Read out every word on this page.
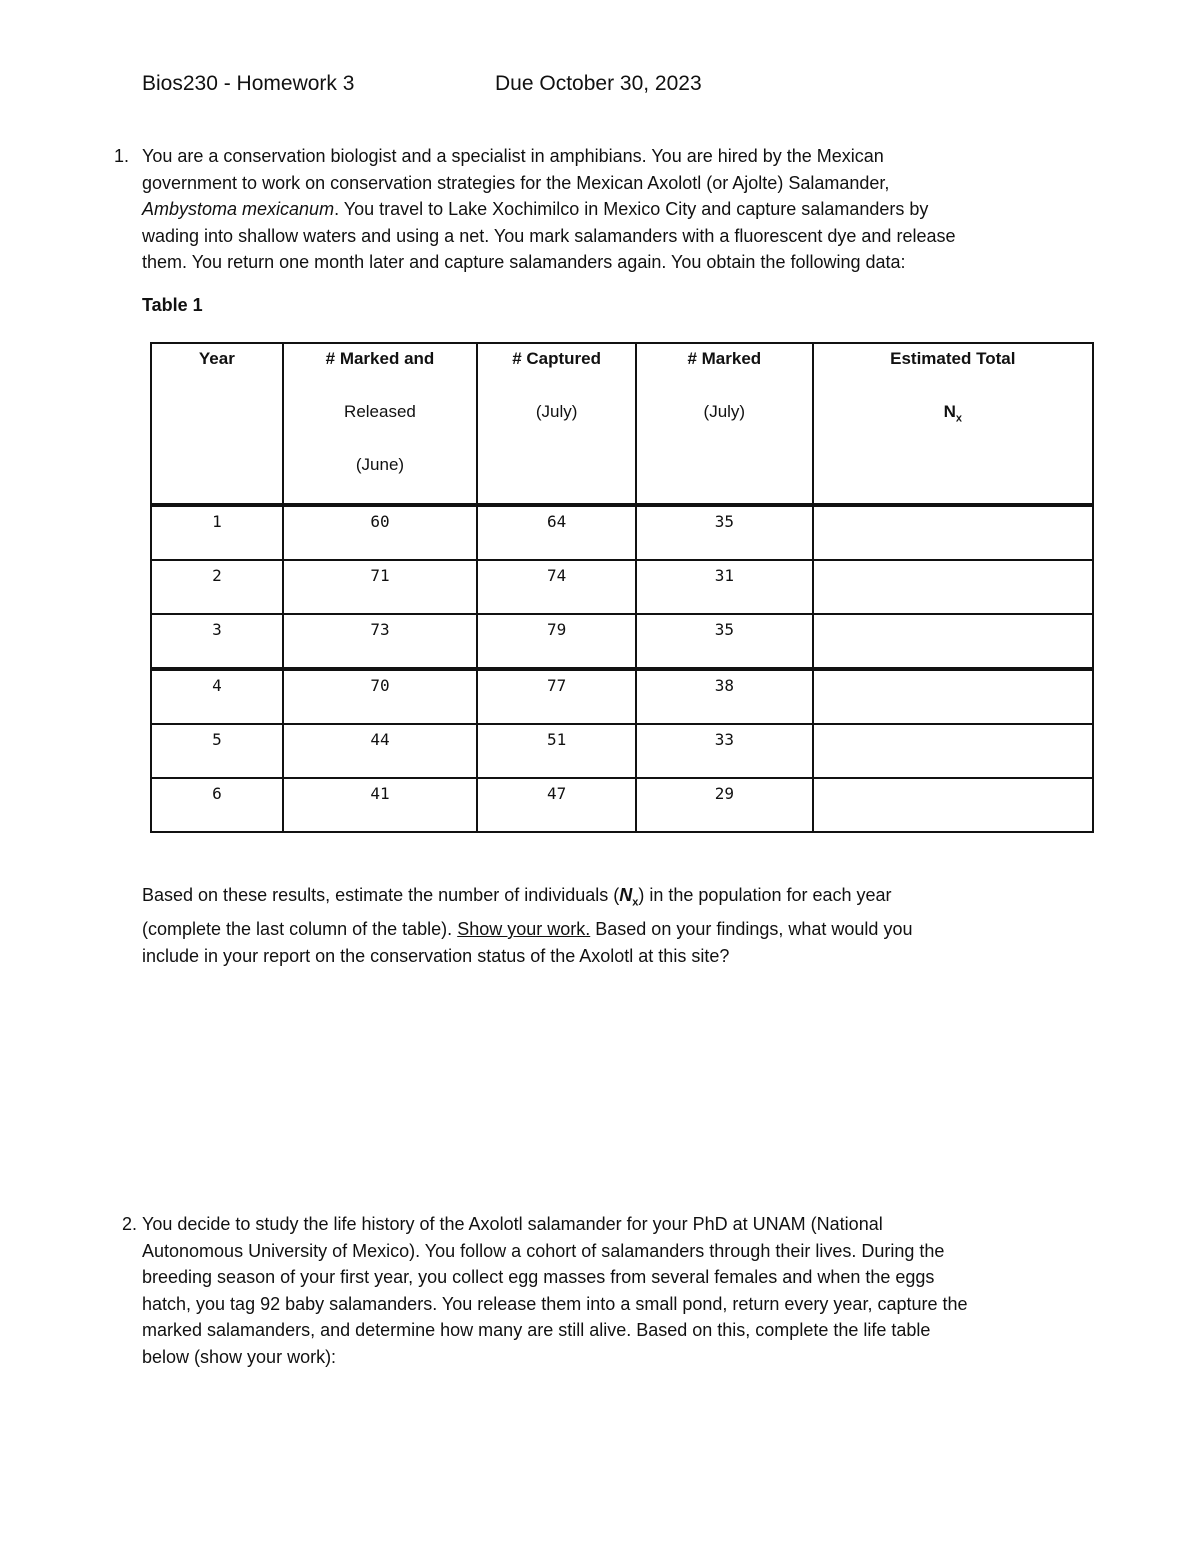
Bios230 - Homework 3	Due October 30, 2023
1. You are a conservation biologist and a specialist in amphibians. You are hired by the Mexican
government to work on conservation strategies for the Mexican Axolotl (or Ajolte) Salamander,
Ambystoma mexicanum. You travel to Lake Xochimilco in Mexico City and capture salamanders by
wading into shallow waters and using a net. You mark salamanders with a fluorescent dye and release
them. You return one month later and capture salamanders again. You obtain the following data:
Table 1
Year	# Marked and
Released
(June)	# Captured
(July)	# Marked
(July)	Estimated Total
$N_x$

1	60	64	35	
2	71	74	31	
3	73	79	35	
4	70	77	38	
5	44	51	33	
6	41	47	29	
Based on these results, estimate the number of individuals $(N_x)$ in the population for each year
(complete the last column of the table). Show your work. Based on your findings, what would you
include in your report on the conservation status of the Axolotl at this site?
2. You decide to study the life history of the Axolotl salamander for your PhD at UNAM (National
Autonomous University of Mexico). You follow a cohort of salamanders through their lives. During the
breeding season of your first year, you collect egg masses from several females and when the eggs
hatch, you tag 92 baby salamanders. You release them into a small pond, return every year, capture the
marked salamanders, and determine how many are still alive. Based on this, complete the life table
below (show your work):
